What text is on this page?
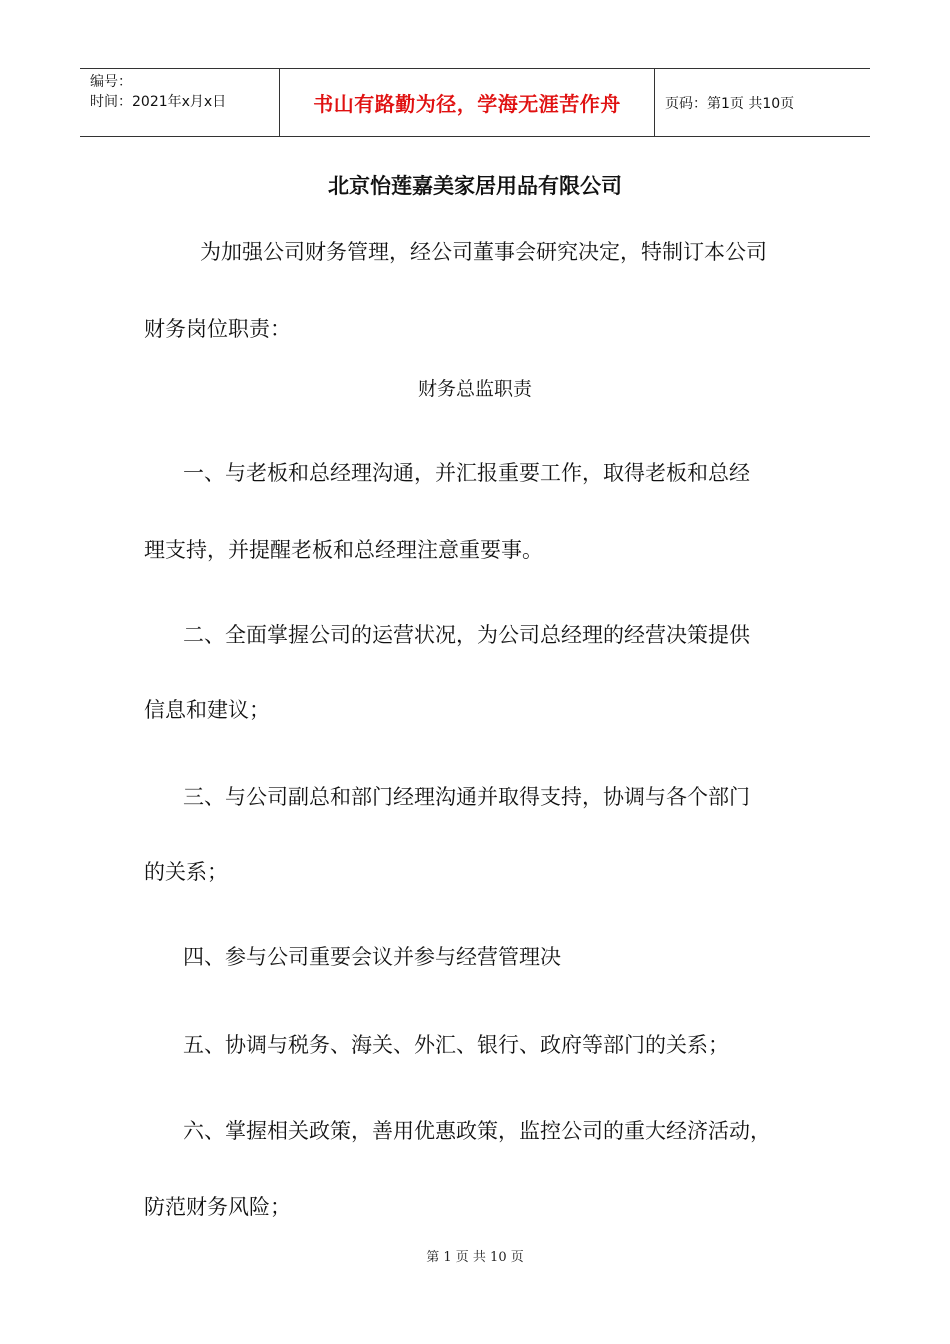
编号：
时间：2021年x月x日	书山有路勤为径，学海无涯苦作舟	页码：第1页 共10页
北京怡莲嘉美家居用品有限公司
为加强公司财务管理，经公司董事会研究决定，特制订本公司
财务岗位职责：
财务总监职责
一、与老板和总经理沟通，并汇报重要工作，取得老板和总经
理支持，并提醒老板和总经理注意重要事。
二、全面掌握公司的运营状况，为公司总经理的经营决策提供
信息和建议；
三、与公司副总和部门经理沟通并取得支持，协调与各个部门
的关系；
四、参与公司重要会议并参与经营管理决
五、协调与税务、海关、外汇、银行、政府等部门的关系；
六、掌握相关政策，善用优惠政策，监控公司的重大经济活动，
防范财务风险；
第 1 页 共 10 页
